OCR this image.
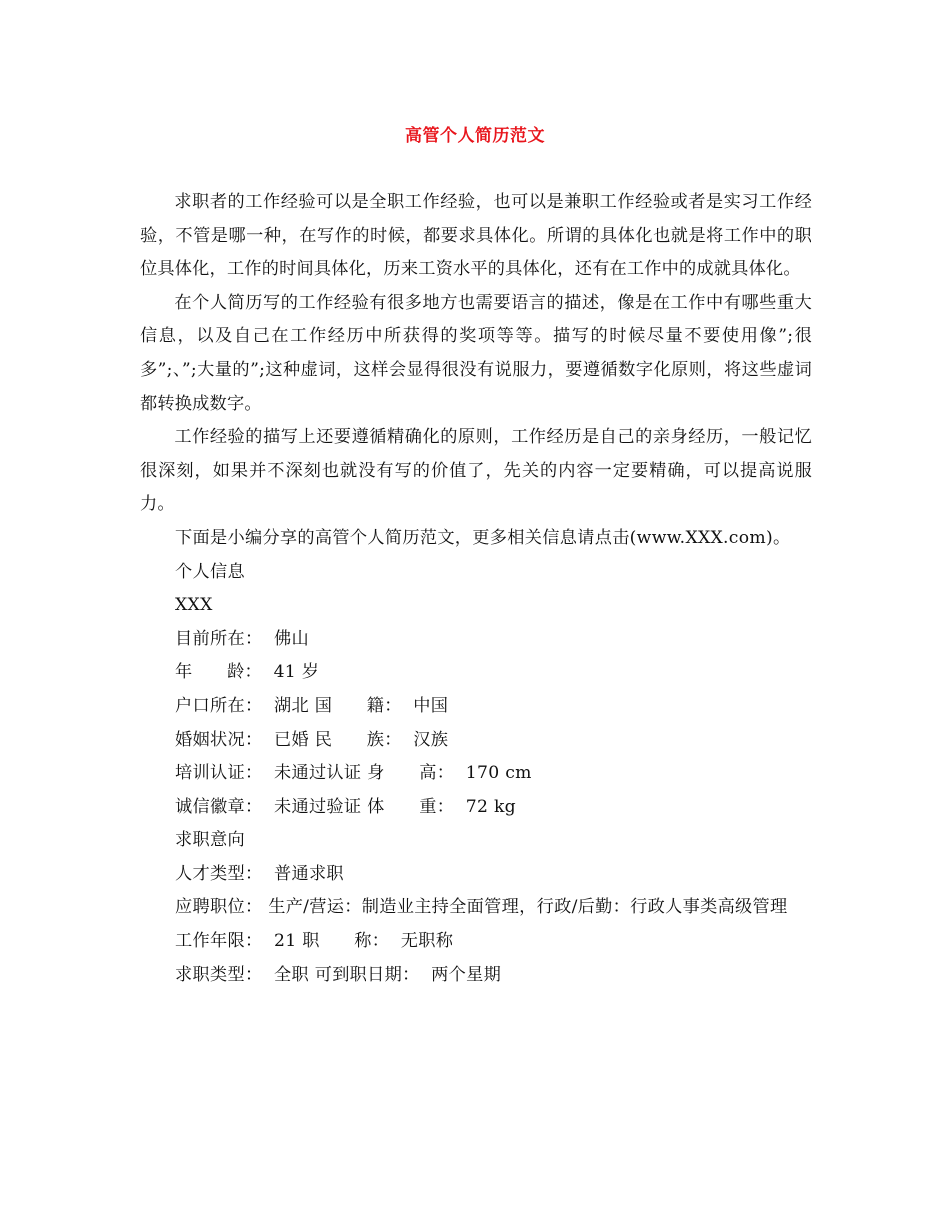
高管个人简历范文

求职者的工作经验可以是全职工作经验，也可以是兼职工作经验或者是实习工作经验，不管是哪一种，在写作的时候，都要求具体化。所谓的具体化也就是将工作中的职位具体化，工作的时间具体化，历来工资水平的具体化，还有在工作中的成就具体化。

在个人简历写的工作经验有很多地方也需要语言的描述，像是在工作中有哪些重大信息，以及自己在工作经历中所获得的奖项等等。描写的时候尽量不要使用像”;很多”;、”;大量的”;这种虚词，这样会显得很没有说服力，要遵循数字化原则，将这些虚词都转换成数字。

工作经验的描写上还要遵循精确化的原则，工作经历是自己的亲身经历，一般记忆很深刻，如果并不深刻也就没有写的价值了，先关的内容一定要精确，可以提高说服力。

下面是小编分享的高管个人简历范文，更多相关信息请点击(www.XXX.com)。

个人信息

XXX

目前所在：  佛山

年      龄：  41 岁

户口所在：  湖北 国      籍：  中国

婚姻状况：  已婚 民      族：  汉族

培训认证：  未通过认证 身      高：  170 cm

诚信徽章：  未通过验证 体      重：  72 kg

求职意向

人才类型：  普通求职

应聘职位： 生产/营运：制造业主持全面管理，行政/后勤：行政人事类高级管理

工作年限：  21 职      称：  无职称

求职类型：  全职 可到职日期：  两个星期
